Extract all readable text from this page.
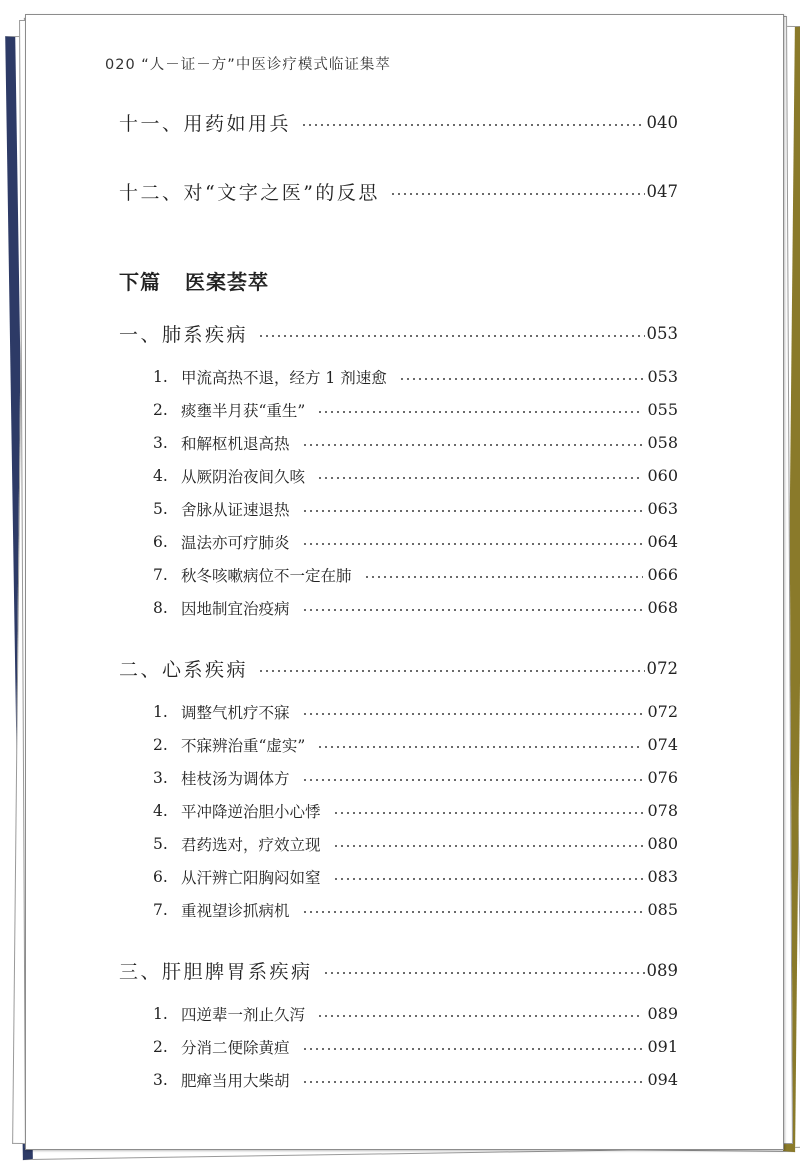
020 “人－证－方”中医诊疗模式临证集萃
十一、用药如用兵	040
十二、对“文字之医”的反思	047
下篇 医案荟萃
一、肺系疾病	053
1. 甲流高热不退，经方 1 剂速愈	053
2. 痰壅半月获“重生”	055
3. 和解枢机退高热	058
4. 从厥阴治夜间久咳	060
5. 舍脉从证速退热	063
6. 温法亦可疗肺炎	064
7. 秋冬咳嗽病位不一定在肺	066
8. 因地制宜治疫病	068
二、心系疾病	072
1. 调整气机疗不寐	072
2. 不寐辨治重“虚实”	074
3. 桂枝汤为调体方	076
4. 平冲降逆治胆小心悸	078
5. 君药选对，疗效立现	080
6. 从汗辨亡阳胸闷如窒	083
7. 重视望诊抓病机	085
三、肝胆脾胃系疾病	089
1. 四逆辈一剂止久泻	089
2. 分消二便除黄疸	091
3. 肥瘅当用大柴胡	094
